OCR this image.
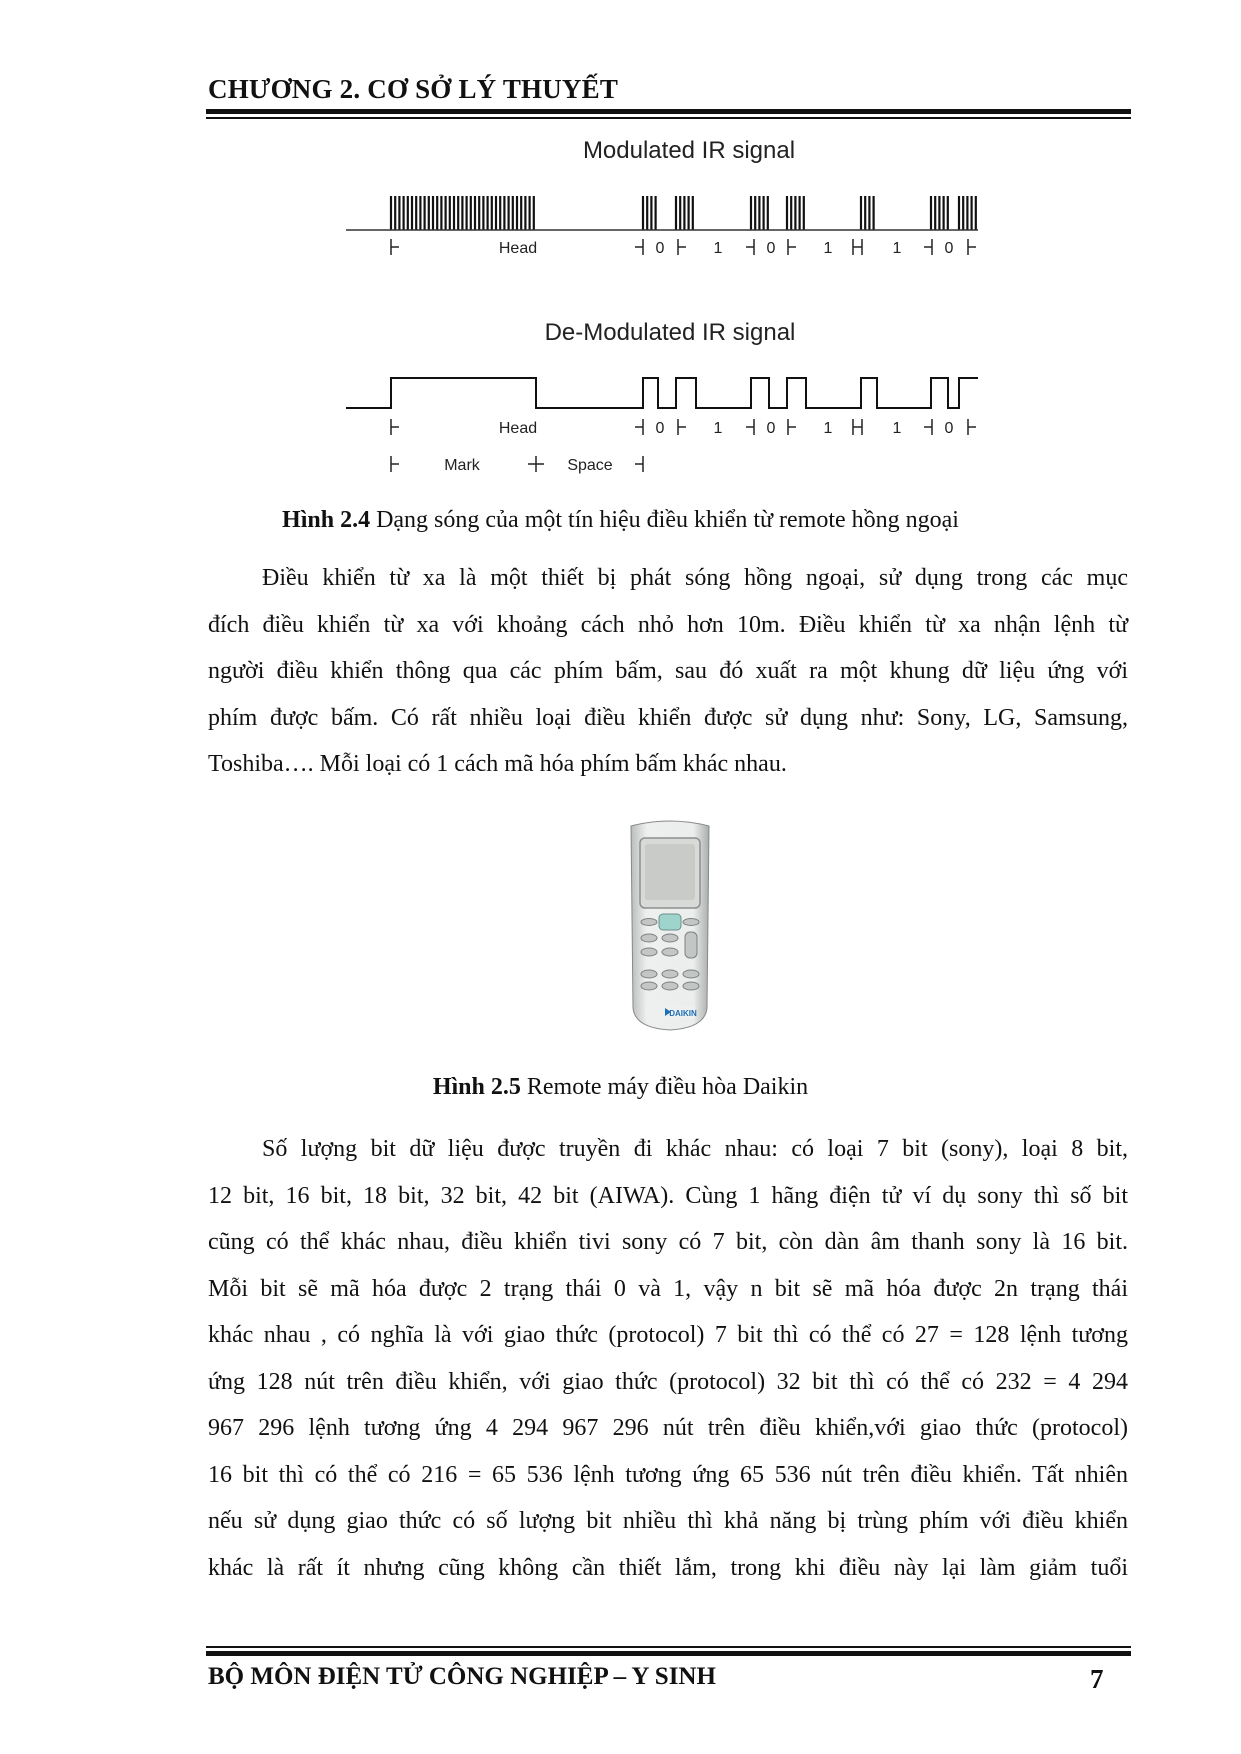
CHƯƠNG 2. CƠ SỞ LÝ THUYẾT
Modulated IR signal
Head	0	1	0	1	1	0
De-Modulated IR signal
Head	0	1	0	1	1	0
Mark	Space
Hình 2.4 Dạng sóng của một tín hiệu điều khiển từ remote hồng ngoại
Điều khiển từ xa là một thiết bị phát sóng hồng ngoại, sử dụng trong các mục
đích điều khiển từ xa với khoảng cách nhỏ hơn 10m. Điều khiển từ xa nhận lệnh từ
người điều khiển thông qua các phím bấm, sau đó xuất ra một khung dữ liệu ứng với
phím được bấm. Có rất nhiều loại điều khiển được sử dụng như: Sony, LG, Samsung,
Toshiba…. Mỗi loại có 1 cách mã hóa phím bấm khác nhau.
DAIKIN
Hình 2.5 Remote máy điều hòa Daikin
Số lượng bit dữ liệu được truyền đi khác nhau: có loại 7 bit (sony), loại 8 bit,
12 bit, 16 bit, 18 bit, 32 bit, 42 bit (AIWA). Cùng 1 hãng điện tử ví dụ sony thì số bit
cũng có thể khác nhau, điều khiển tivi sony có 7 bit, còn dàn âm thanh sony là 16 bit.
Mỗi bit sẽ mã hóa được 2 trạng thái 0 và 1, vậy n bit sẽ mã hóa được 2n trạng thái
khác nhau , có nghĩa là với giao thức (protocol) 7 bit thì có thể có 27 = 128 lệnh tương
ứng 128 nút trên điều khiển, với giao thức (protocol) 32 bit thì có thể có 232 = 4 294
967 296 lệnh tương ứng 4 294 967 296 nút trên điều khiển,với giao thức (protocol)
16 bit thì có thể có 216 = 65 536 lệnh tương ứng 65 536 nút trên điều khiển. Tất nhiên
nếu sử dụng giao thức có số lượng bit nhiều thì khả năng bị trùng phím với điều khiển
khác là rất ít nhưng cũng không cần thiết lắm, trong khi điều này lại làm giảm tuổi
BỘ MÔN ĐIỆN TỬ CÔNG NGHIỆP – Y SINH	7
